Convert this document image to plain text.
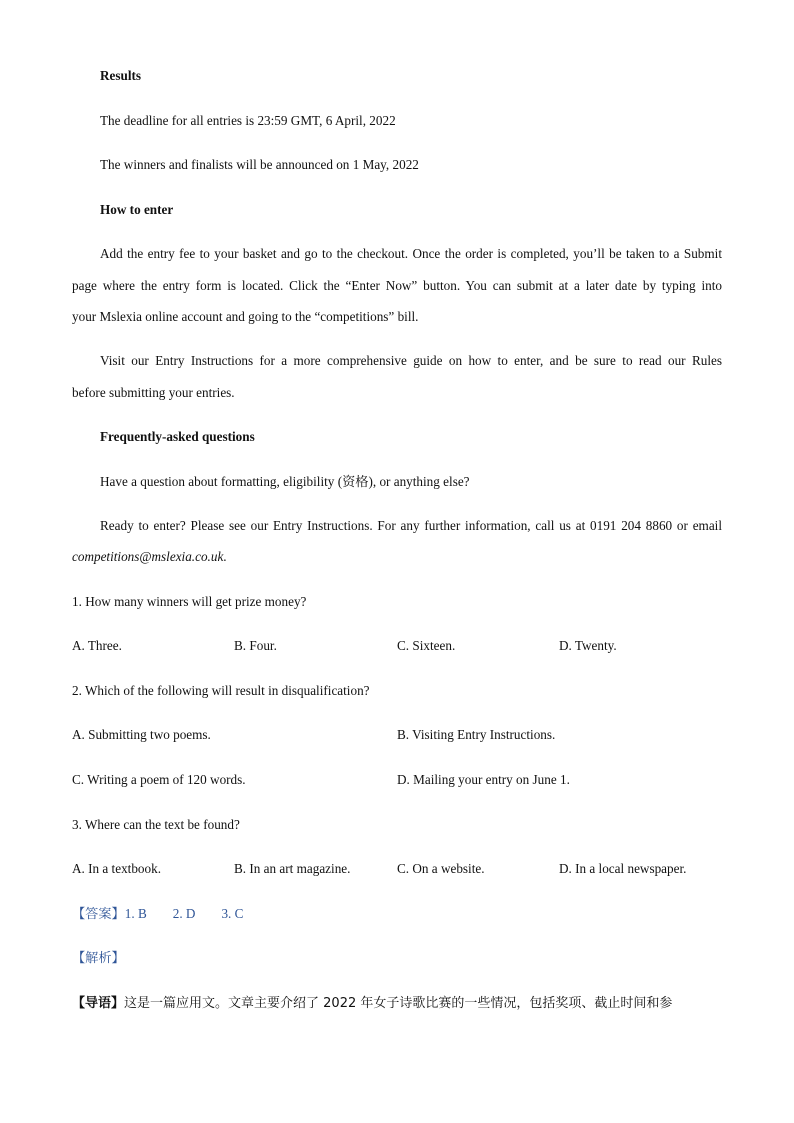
Results
The deadline for all entries is 23:59 GMT, 6 April, 2022
The winners and finalists will be announced on 1 May, 2022
How to enter
Add the entry fee to your basket and go to the checkout. Once the order is completed, you’ll be taken to a Submit
page where the entry form is located. Click the “Enter Now” button. You can submit at a later date by typing into
your Mslexia online account and going to the “competitions” bill.
Visit our Entry Instructions for a more comprehensive guide on how to enter, and be sure to read our Rules
before submitting your entries.
Frequently-asked questions
Have a question about formatting, eligibility (资格), or anything else?
Ready to enter? Please see our Entry Instructions. For any further information, call us at 0191 204 8860 or email
competitions@mslexia.co.uk.
1. How many winners will get prize money?
A. Three.	B. Four.	C. Sixteen.	D. Twenty.
2. Which of the following will result in disqualification?
A. Submitting two poems.	B. Visiting Entry Instructions.
C. Writing a poem of 120 words.	D. Mailing your entry on June 1.
3. Where can the text be found?
A. In a textbook.	B. In an art magazine.	C. On a website.	D. In a local newspaper.
【答案】1. B 2. D 3. C
【解析】
【导语】这是一篇应用文。文章主要介绍了 2022 年女子诗歌比赛的一些情况，包括奖项、截止时间和参
